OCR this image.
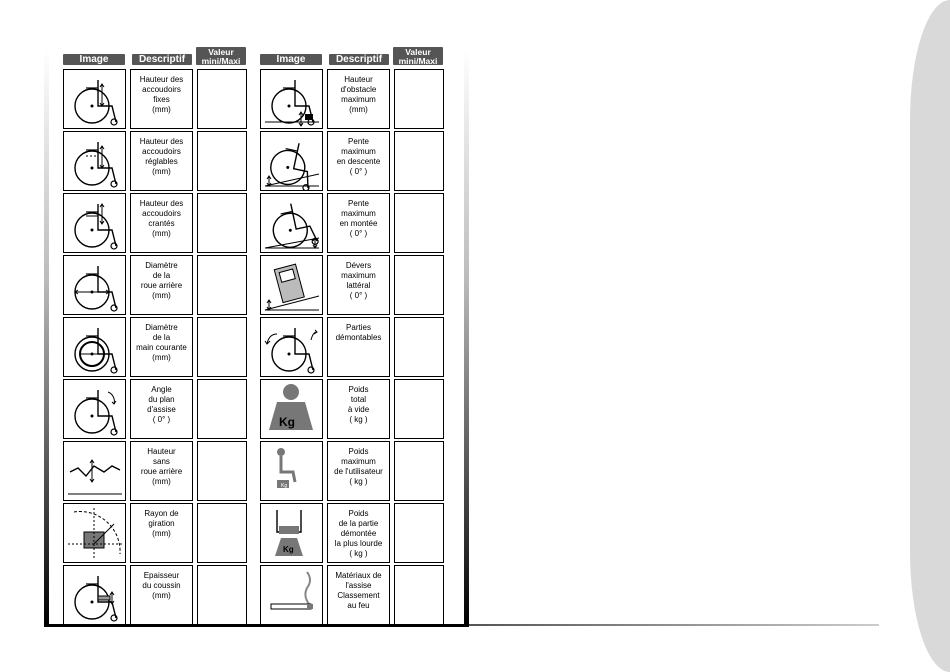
Image	Descriptif
Valeur
mini/Maxi
Hauteur des
accoudoirs
fixes
(mm)
Hauteur des
accoudoirs
réglables
(mm)
Hauteur des
accoudoirs
crantés
(mm)
Diamètre
de la
roue arrière
(mm)
Diamètre
de la
main courante
(mm)
Angle
du plan
d'assise
( 0° )
Hauteur
sans
roue arrière
(mm)
Rayon de
giration
(mm)
Epaisseur
du coussin
(mm)
Image	Descriptif
Valeur
mini/Maxi
Hauteur
d'obstacle
maximum
(mm)
Pente
maximum
en descente
( 0° )
Pente
maximum
en montée
( 0° )
Dévers
maximum
lattéral
( 0° )
Parties
démontables
Kg
Poids
total
à vide
( kg )
Kg
Poids
maximum
de l'utilisateur
( kg )
Kg
Poids
de la partie
démontée
la plus lourde
( kg )
Matériaux de
l'assise
Classement
au feu
